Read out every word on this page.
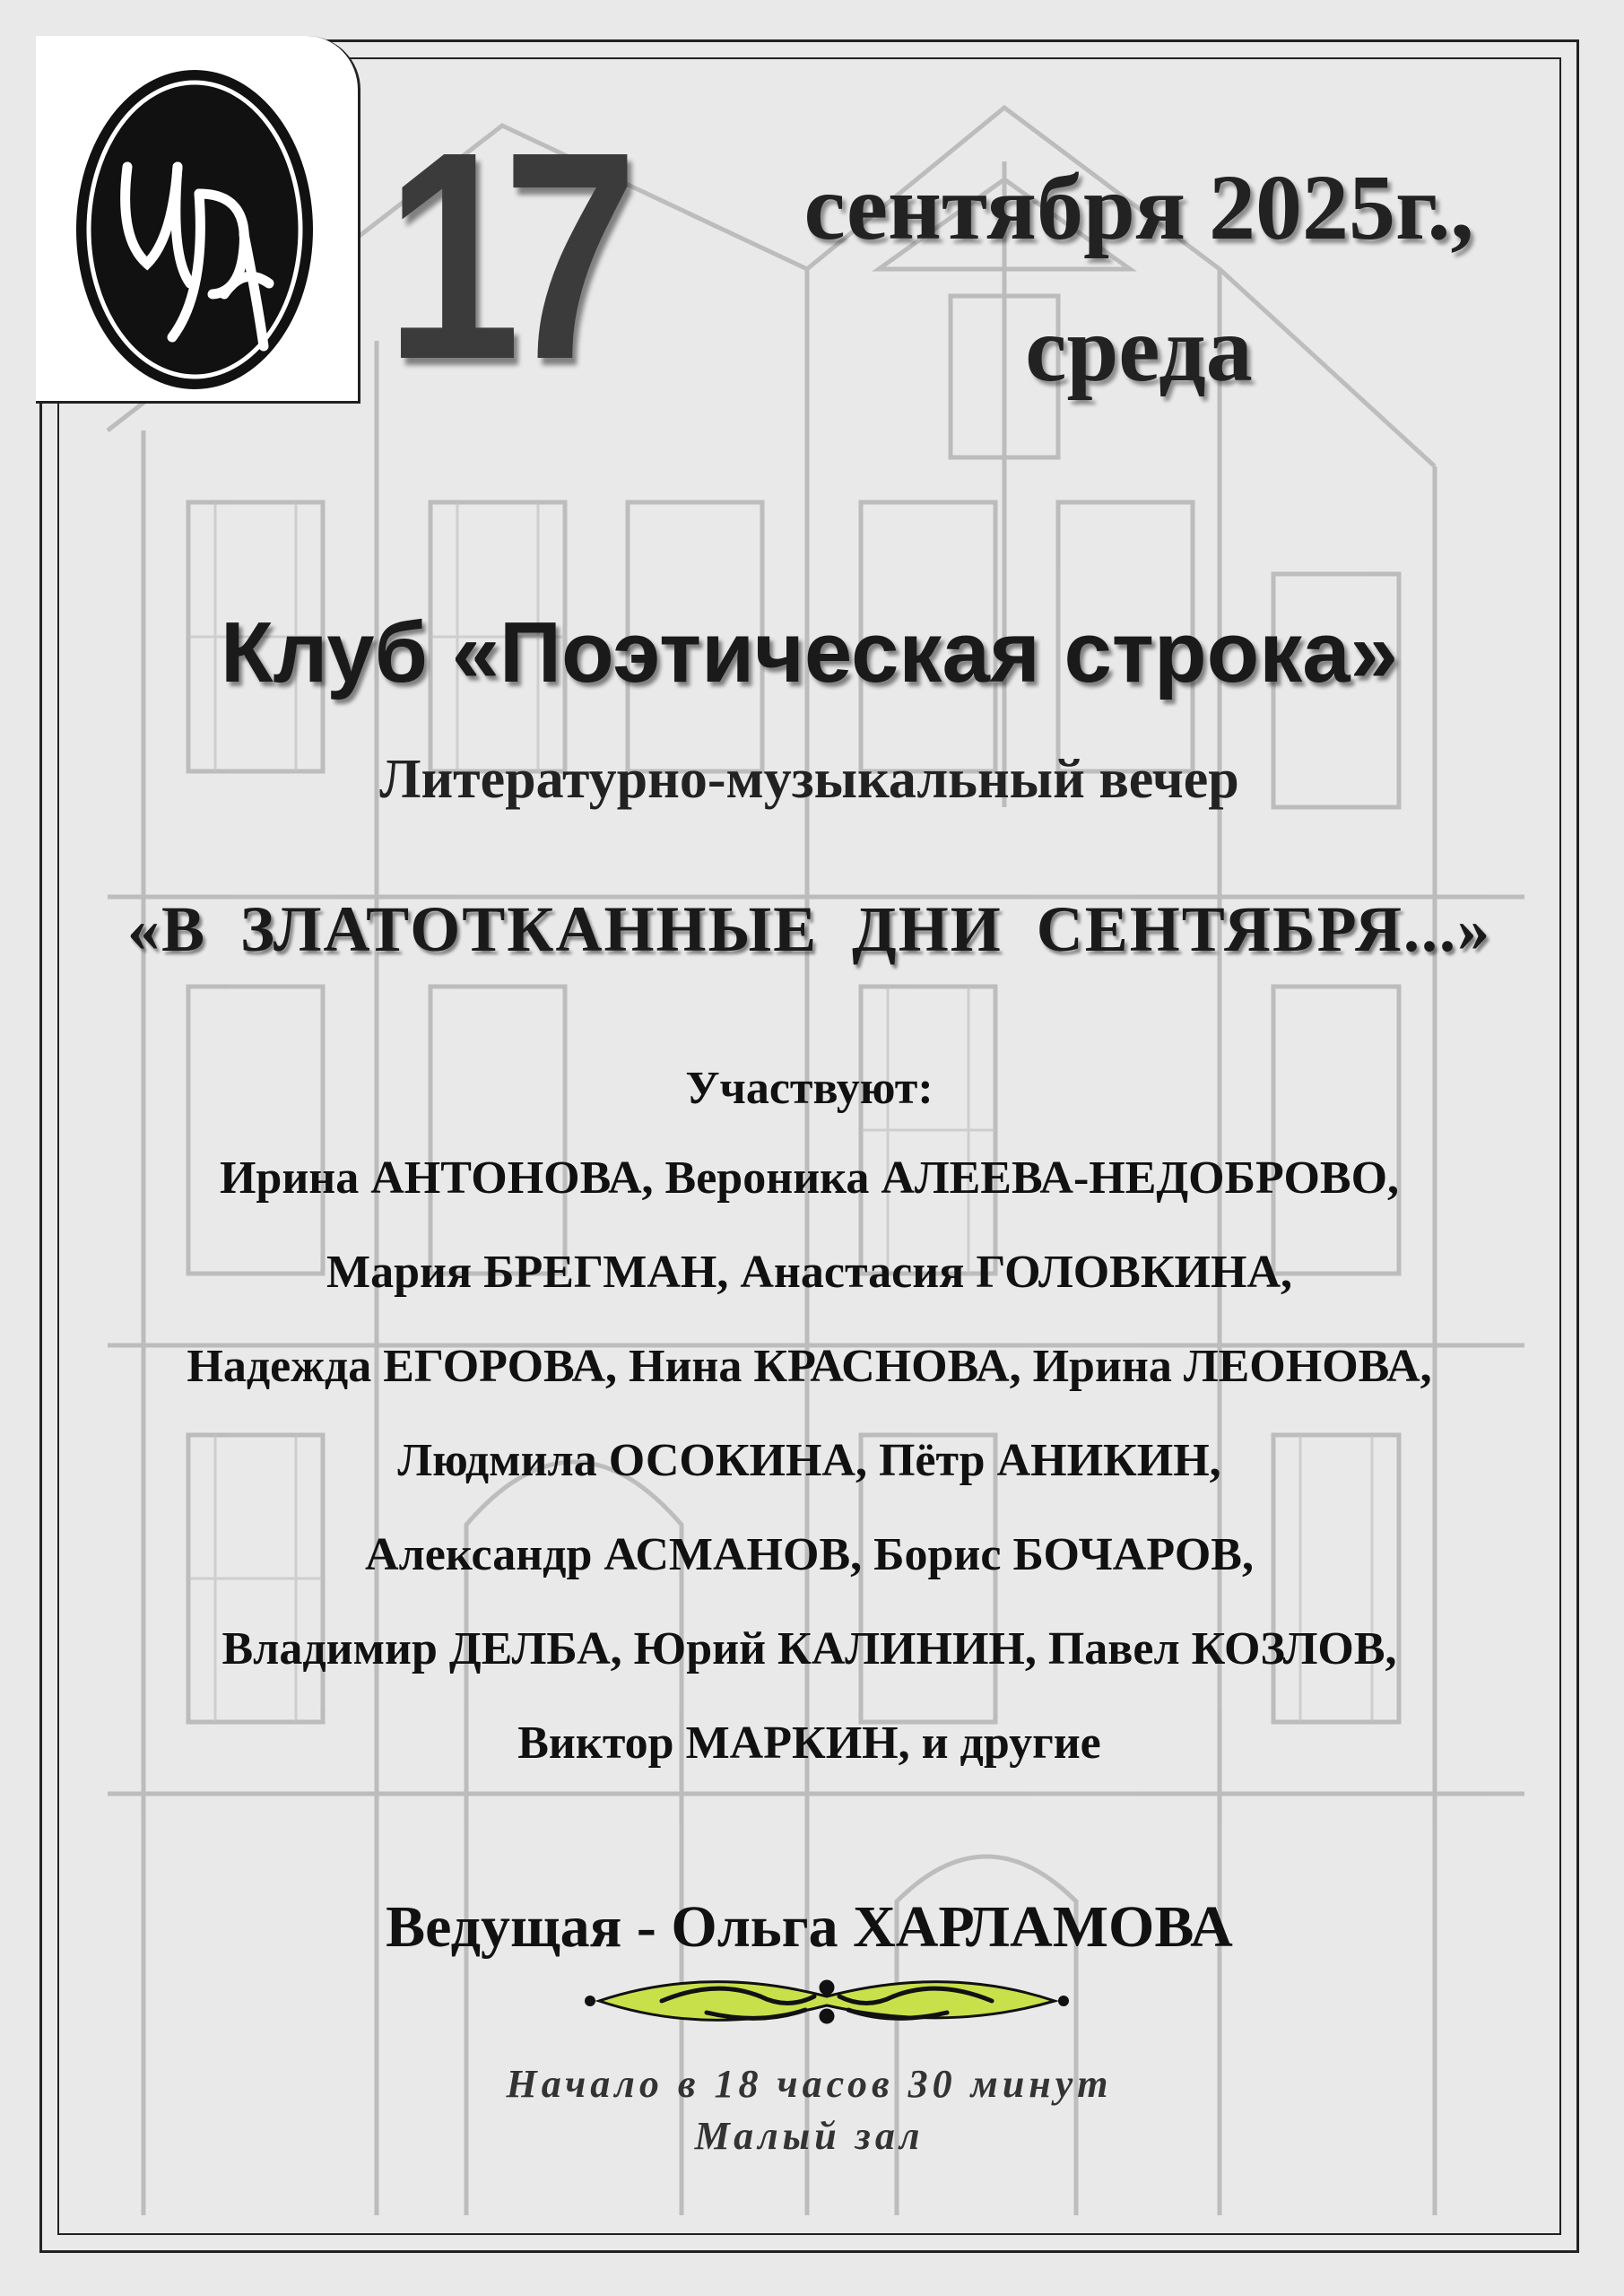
17	сентября 2025г.,
среда
Клуб «Поэтическая строка»
Литературно-музыкальный вечер
«В ЗЛАТОТКАННЫЕ ДНИ СЕНТЯБРЯ...»
Участвуют:
Ирина АНТОНОВА, Вероника АЛЕЕВА-НЕДОБРОВО,
Мария БРЕГМАН, Анастасия ГОЛОВКИНА,
Надежда ЕГОРОВА, Нина КРАСНОВА, Ирина ЛЕОНОВА,
Людмила ОСОКИНА, Пётр АНИКИН,
Александр АСМАНОВ, Борис БОЧАРОВ,
Владимир ДЕЛБА, Юрий КАЛИНИН, Павел КОЗЛОВ,
Виктор МАРКИН, и другие
Ведущая - Ольга ХАРЛАМОВА
Начало в 18 часов 30 минут
Малый зал
